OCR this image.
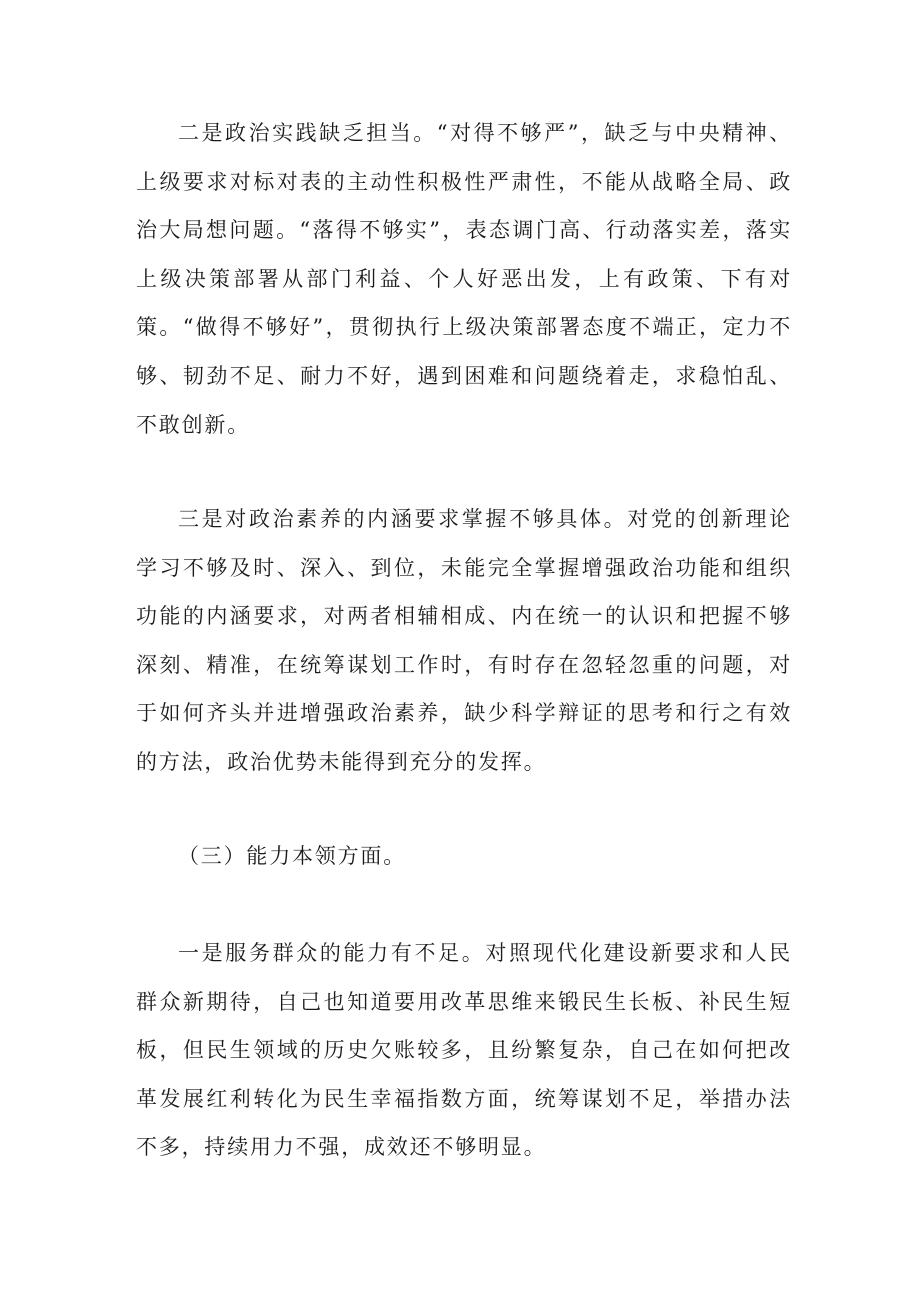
二是政治实践缺乏担当。“对得不够严”，缺乏与中央精神、上级要求对标对表的主动性积极性严肃性，不能从战略全局、政治大局想问题。“落得不够实”，表态调门高、行动落实差，落实上级决策部署从部门利益、个人好恶出发，上有政策、下有对策。“做得不够好”，贯彻执行上级决策部署态度不端正，定力不够、韧劲不足、耐力不好，遇到困难和问题绕着走，求稳怕乱、不敢创新。

三是对政治素养的内涵要求掌握不够具体。对党的创新理论学习不够及时、深入、到位，未能完全掌握增强政治功能和组织功能的内涵要求，对两者相辅相成、内在统一的认识和把握不够深刻、精准，在统筹谋划工作时，有时存在忽轻忽重的问题，对于如何齐头并进增强政治素养，缺少科学辩证的思考和行之有效的方法，政治优势未能得到充分的发挥。

（三）能力本领方面。

一是服务群众的能力有不足。对照现代化建设新要求和人民群众新期待，自己也知道要用改革思维来锻民生长板、补民生短板，但民生领域的历史欠账较多，且纷繁复杂，自己在如何把改革发展红利转化为民生幸福指数方面，统筹谋划不足，举措办法不多，持续用力不强，成效还不够明显。
